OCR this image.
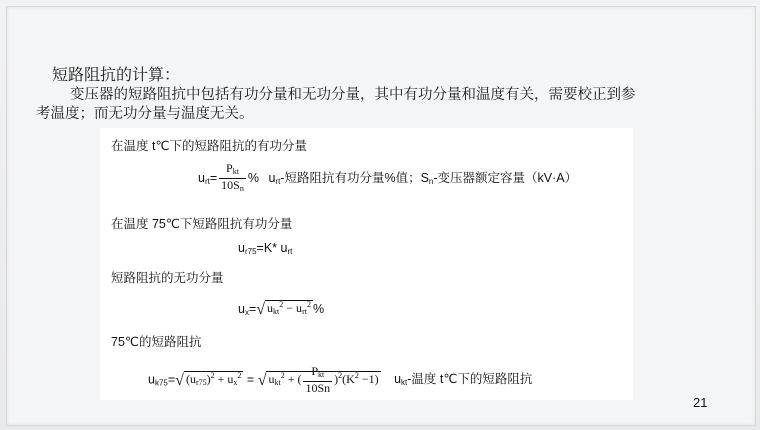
短路阻抗的计算：
变压器的短路阻抗中包括有功分量和无功分量，其中有功分量和温度有关，需要校正到参
考温度；而无功分量与温度无关。
在温度 t℃下的短路阻抗的有功分量
$u_{rt}= \frac{P_{kt}}{10S_n}$ % $u_{rt}-$短路阻抗有功分量%值；$S_n-$变压器额定容量（kV·A）
在温度 75℃下短路阻抗有功分量
$u_{r75}=K*$ $u_{rt}$
短路阻抗的无功分量
$u_x=√$ $u_{kt}^2 - u_{rt}^2$ %
75℃的短路阻抗
$u_{k75}=√$ $(u_{r75})^2 + u_x^2$ = √ $u_{kt}^2$ + ( $\frac{P_{kt}}{10Sn} )^2(K^2 -1)$ $u_{kt}-$温度 t℃下的短路阻抗
21
